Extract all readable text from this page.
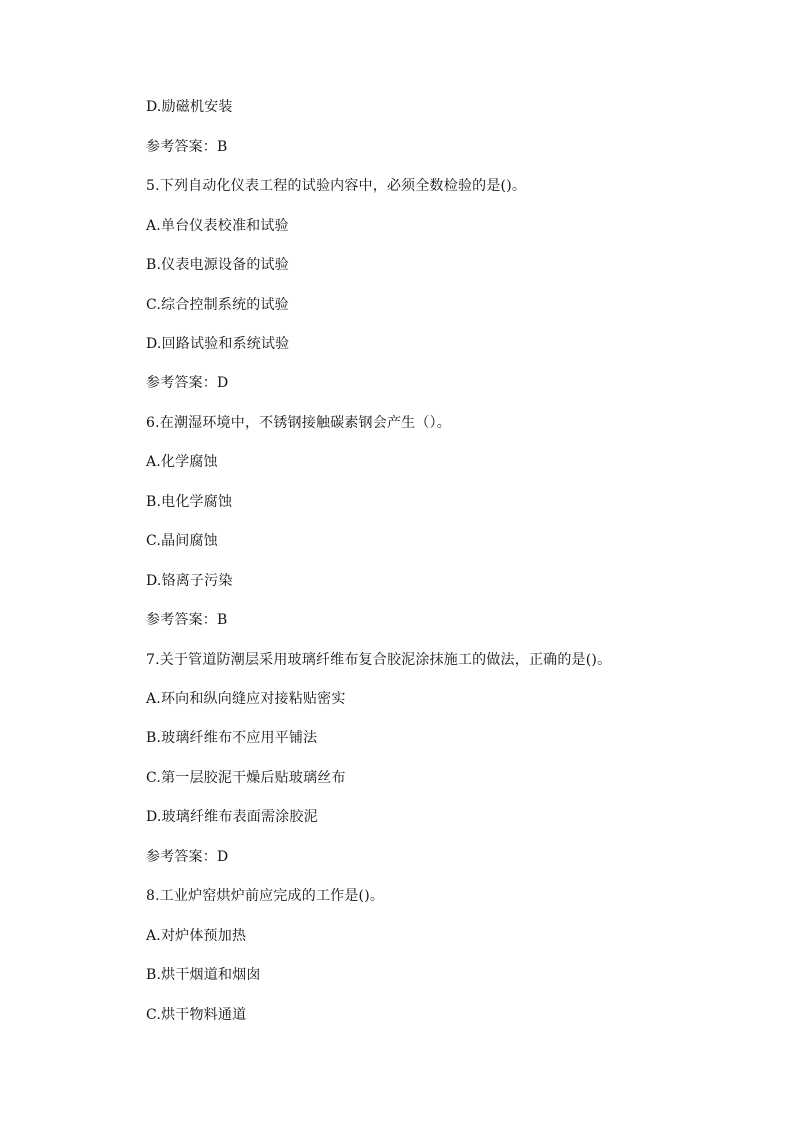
D.励磁机安装
参考答案：B
5.下列自动化仪表工程的试验内容中，必须全数检验的是()。
A.单台仪表校准和试验
B.仪表电源设备的试验
C.综合控制系统的试验
D.回路试验和系统试验
参考答案：D
6.在潮湿环境中，不锈钢接触碳素钢会产生（）。
A.化学腐蚀
B.电化学腐蚀
C.晶间腐蚀
D.铬离子污染
参考答案：B
7.关于管道防潮层采用玻璃纤维布复合胶泥涂抹施工的做法，正确的是()。
A.环向和纵向缝应对接粘贴密实
B.玻璃纤维布不应用平铺法
C.第一层胶泥干燥后贴玻璃丝布
D.玻璃纤维布表面需涂胶泥
参考答案：D
8.工业炉窑烘炉前应完成的工作是()。
A.对炉体预加热
B.烘干烟道和烟囱
C.烘干物料通道
